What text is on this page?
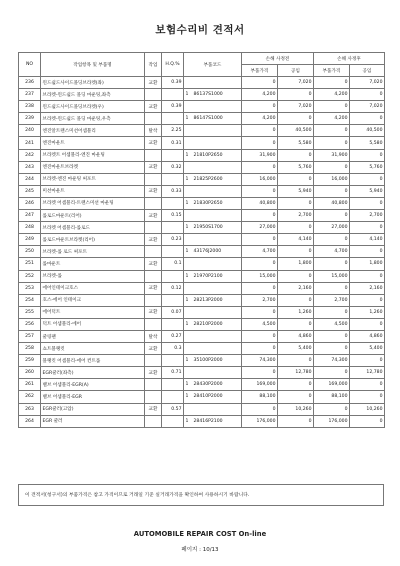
보험수리비 견적서
NO	작업항목 및 부품명	작업	H.Q.%	부품코드	손해 사정전		손해 사정후	
					부품가격	공임	부품가격	공임
236	윈드쉴드사이드몰딩브라켓(좌)	교환	0.39		0	7,020	0	7,020
237	브라켓-윈드쉴드 몰딩 마운팅,좌측			1 86137S1000	4,200	0	4,200	0
238	윈드쉴드사이드몰딩브라켓(우)	교환	0.39		0	7,020	0	7,020
239	브라켓-윈드쉴드 몰딩 마운팅,우측			1 86147S1000	4,200	0	4,200	0
240	엔진알트랜스미션어셈블리	탈착	2.25		0	40,500	0	40,500
241	엔진마운트	교환	0.31		0	5,580	0	5,580
242	브라켓트 어셈블리-엔진 마운팅			1 21810P2650	31,900	0	31,900	0
243	엔진마운트브라켓	교환	0.32		0	5,760	0	5,760
244	브라켓-엔진 마운팅 써포트			1 21825P2600	16,000	0	16,000	0
245	미션마운트	교환	0.33		0	5,940	0	5,940
246	브라켓 어셈블리-트랜스미션 마운팅			1 21830P2650	40,800	0	40,800	0
247	롤로드마운트(리어)	교환	0.15		0	2,700	0	2,700
248	브라켓 어셈블리-롤로드			1 21950S1700	27,000	0	27,000	0
249	롤로드마운트브라켓(리어)	교환	0.23		0	4,140	0	4,140
250	브라켓-롤 로드 써포트			1 43176J2000	4,700	0	4,700	0
251	롤마운트	교환	0.1		0	1,800	0	1,800
252	브라켓-롤			1 21970P2100	15,000	0	15,000	0
253	에어인테이크호스	교환	0.12		0	2,160	0	2,160
254	호스-에어 인테이크			1 28213P2000	2,700	0	2,700	0
255	에어덕트	교환	0.07		0	1,260	0	1,260
256	덕트 어셈블리-에어			1 28210P2000	4,500	0	4,500	0
257	쿨링팬	탈착	0.27		0	4,860	0	4,860
258	쇼트블랭킷	교환	0.3		0	5,400	0	5,400
259	블랭킷 어셈블리-에어 컨트롤			1 35100P2000	74,300	0	74,300	0
260	EGR쿨러(좌측)	교환	0.71		0	12,780	0	12,780
261	밸브 어셈블리-EGR(A)			1 28430P2000	169,000	0	169,000	0
262	밸브 어셈블리-EGR			1 28410P2000	88,100	0	88,100	0
263	EGR쿨러(고압)	교환	0.57		0	10,260	0	10,260
264	EGR 쿨러			1 28416P2100	176,000	0	176,000	0
이 견적서(청구서)의 부품가격은 참고 가격이므로 거래일 기준 실거래가격을 확인하여 사용하시기 바랍니다.
AUTOMOBILE REPAIR COST On-line
페이지 : 10/13
